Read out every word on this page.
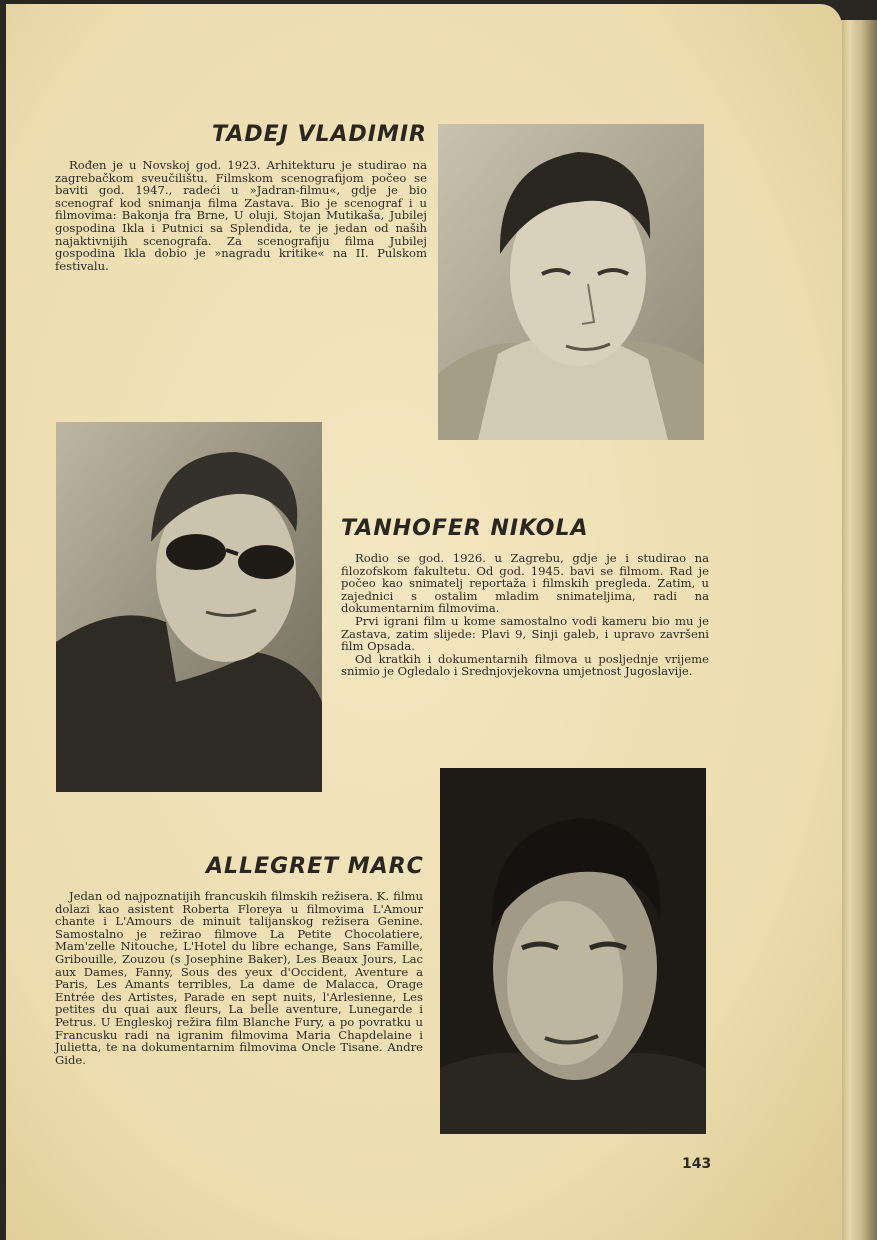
TADEJ VLADIMIR

Rođen je u Novskoj god. 1923. Arhitekturu je studirao na zagrebačkom sveučilištu. Filmskom scenografijom počeo se baviti god. 1947., radeći u »Jadran-filmu«, gdje je bio scenograf kod snimanja filma Zastava. Bio je scenograf i u filmovima: Bakonja fra Brne, U oluji, Stojan Mutikaša, Jubilej gospodina Ikla i Putnici sa Splendida, te je jedan od naših najaktivnijih scenografa. Za scenografiju filma Jubilej gospodina Ikla dobio je »nagradu kritike« na II. Pulskom festivalu.

TANHOFER NIKOLA

Rodio se god. 1926. u Zagrebu, gdje je i studirao na filozofskom fakultetu. Od god. 1945. bavi se filmom. Rad je počeo kao snimatelj reportaža i filmskih pregleda. Zatim, u zajednici s ostalim mladim snimateljima, radi na dokumentarnim filmovima.

Prvi igrani film u kome samostalno vodi kameru bio mu je Zastava, zatim slijede: Plavi 9, Sinji galeb, i upravo završeni film Opsada.

Od kratkih i dokumentarnih filmova u posljednje vrijeme snimio je Ogledalo i Srednjovjekovna umjetnost Jugoslavije.

ALLEGRET MARC

Jedan od najpoznatijih francuskih filmskih režisera. K. filmu dolazi kao asistent Roberta Floreya u filmovima L'Amour chante i L'Amours de minuit talijanskog režisera Genine. Samostalno je režirao filmove La Petite Chocolatiere, Mam'zelle Nitouche, L'Hotel du libre echange, Sans Famille, Gribouille, Zouzou (s Josephine Baker), Les Beaux Jours, Lac aux Dames, Fanny, Sous des yeux d'Occident, Aventure a Paris, Les Amants terribles, La dame de Malacca, Orage Entrée des Artistes, Parade en sept nuits, l'Arlesienne, Les petites du quai aux fleurs, La belle aventure, Lunegarde i Petrus. U Engleskoj režira film Blanche Fury, a po povratku u Francusku radi na igranim filmovima Maria Chapdelaine i Julietta, te na dokumentarnim filmovima Oncle Tisane. Andre Gide.

143
